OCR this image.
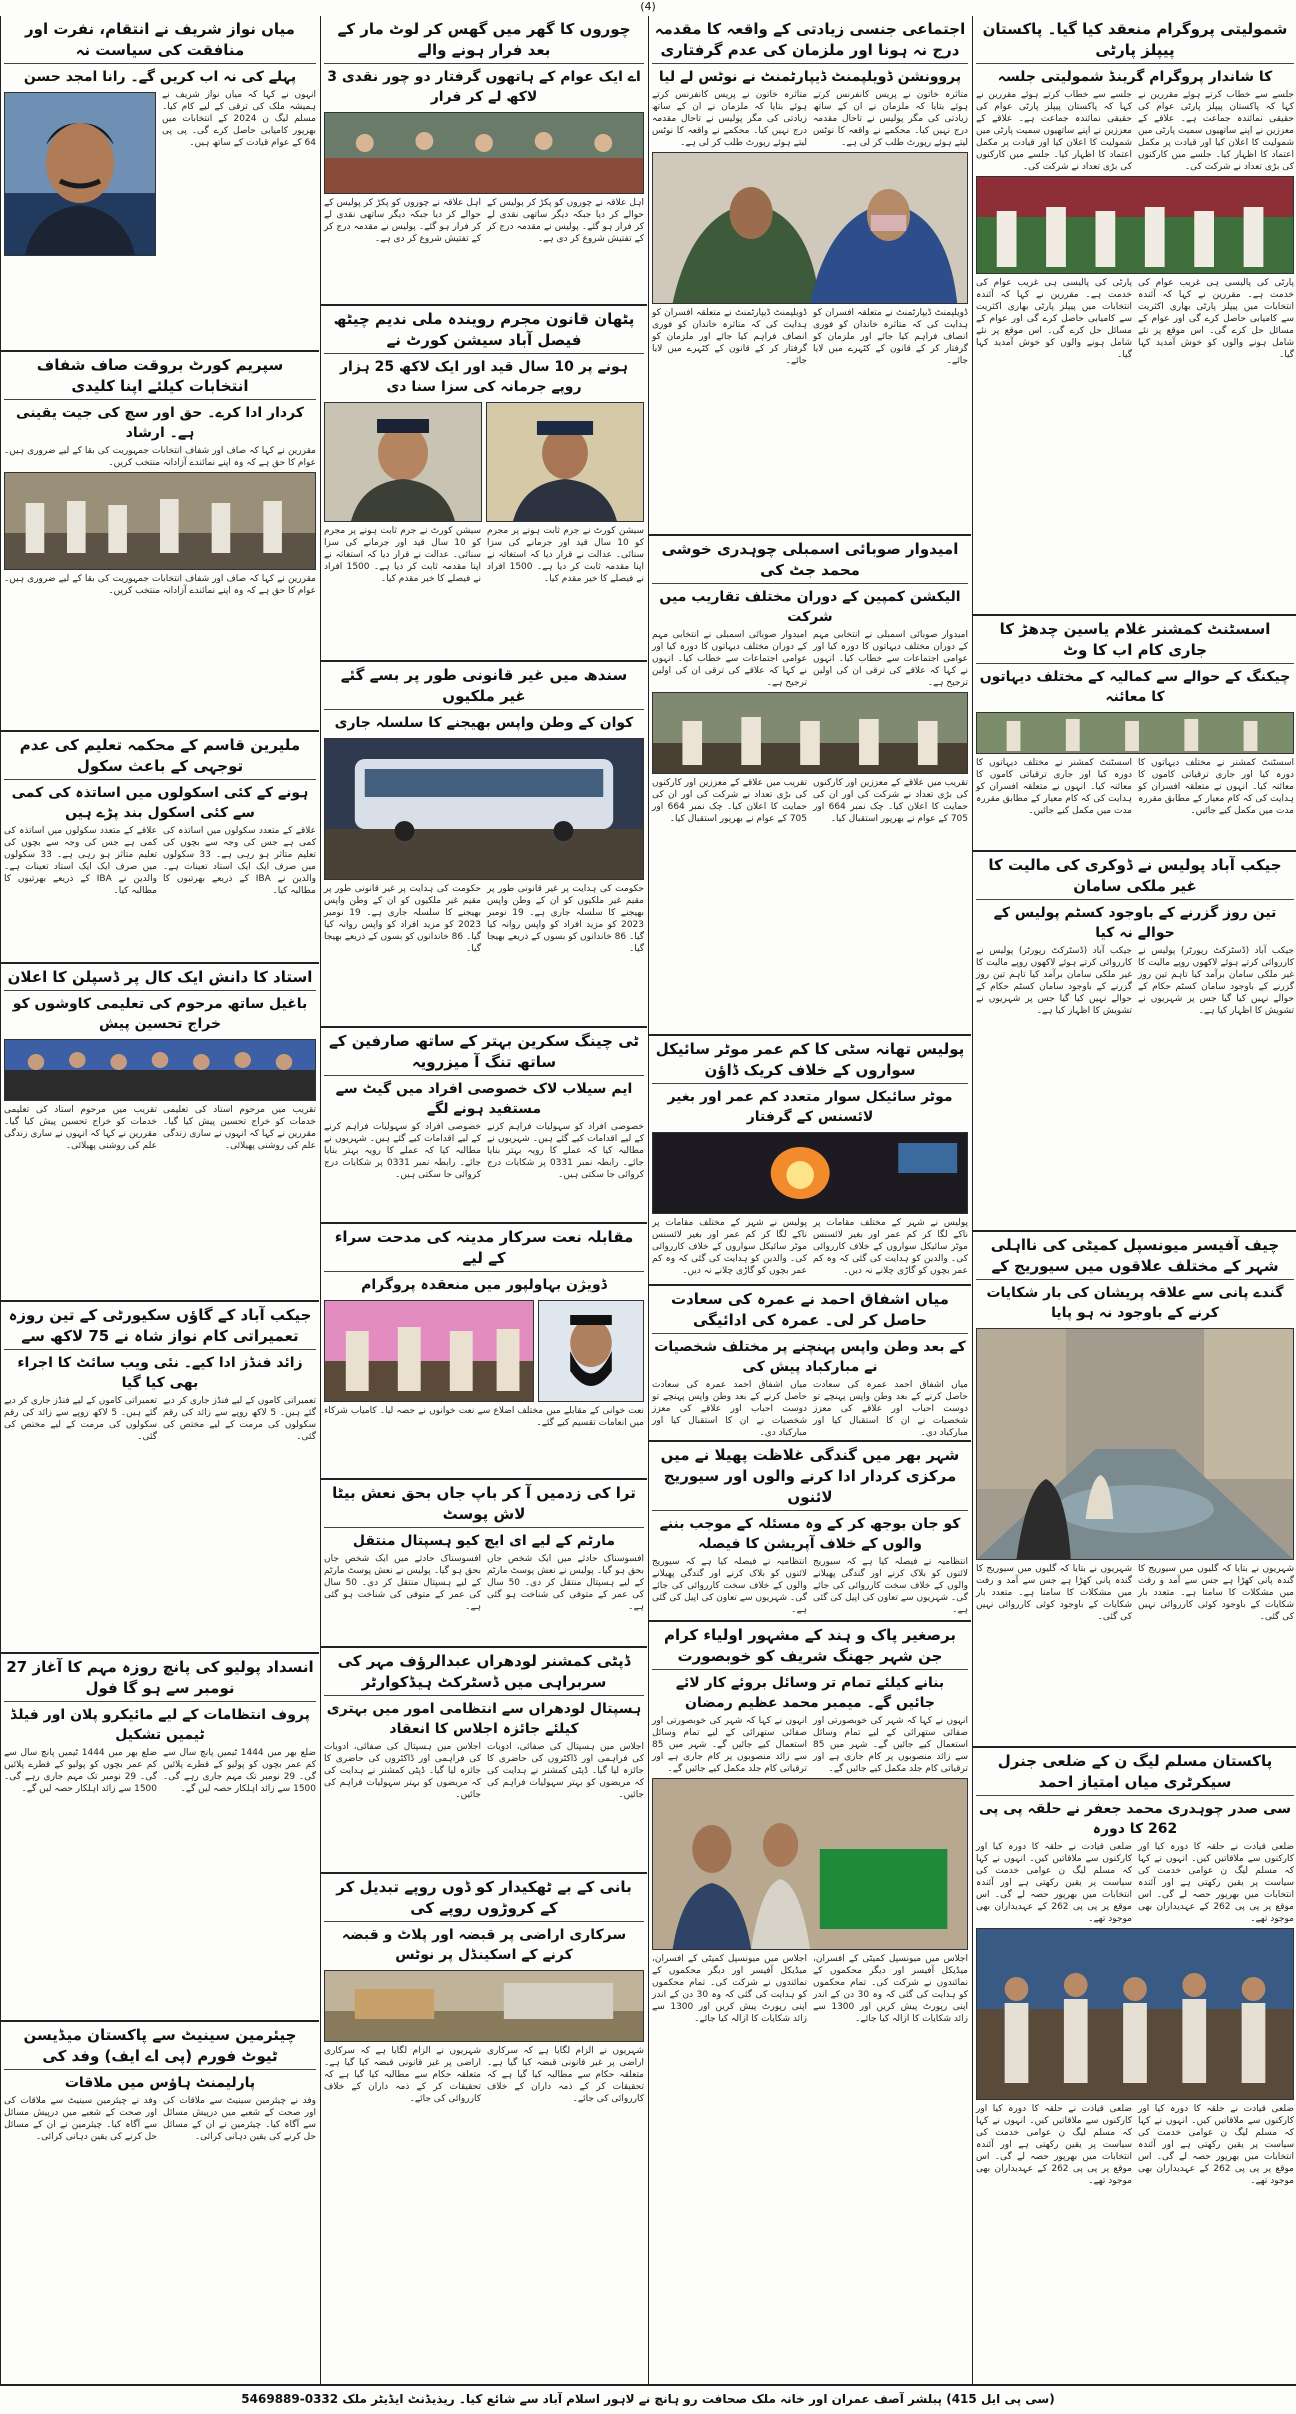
(4)
میاں نواز شریف نے انتقام، نفرت اور منافقت کی سیاست نہ
پہلے کی نہ اب کریں گے۔ رانا امجد حسن
انہوں نے کہا کہ میاں نواز شریف نے ہمیشہ ملک کی ترقی کے لیے کام کیا۔ مسلم لیگ ن 2024 کے انتخابات میں بھرپور کامیابی حاصل کرے گی۔ پی پی 64 کے عوام قیادت کے ساتھ ہیں۔
سپریم کورٹ بروقت صاف شفاف انتخابات کیلئے اپنا کلیدی
کردار ادا کرے۔ حق اور سچ کی جیت یقینی ہے۔ ارشاد
مقررین نے کہا کہ صاف اور شفاف انتخابات جمہوریت کی بقا کے لیے ضروری ہیں۔ عوام کا حق ہے کہ وہ اپنے نمائندے آزادانہ منتخب کریں۔
مقررین نے کہا کہ صاف اور شفاف انتخابات جمہوریت کی بقا کے لیے ضروری ہیں۔ عوام کا حق ہے کہ وہ اپنے نمائندے آزادانہ منتخب کریں۔
ملیرین قاسم کے محکمہ تعلیم کی عدم توجہی کے باعث سکول
ہونے کے کئی اسکولوں میں اساتذہ کی کمی سے کئی اسکول بند پڑے ہیں
علاقے کے متعدد سکولوں میں اساتذہ کی کمی ہے جس کی وجہ سے بچوں کی تعلیم متاثر ہو رہی ہے۔ 33 سکولوں میں صرف ایک ایک استاد تعینات ہے۔ والدین نے IBA کے ذریعے بھرتیوں کا مطالبہ کیا۔
علاقے کے متعدد سکولوں میں اساتذہ کی کمی ہے جس کی وجہ سے بچوں کی تعلیم متاثر ہو رہی ہے۔ 33 سکولوں میں صرف ایک ایک استاد تعینات ہے۔ والدین نے IBA کے ذریعے بھرتیوں کا مطالبہ کیا۔
استاد کا دانش ایک کال پر ڈسپلن کا اعلان
باغیل ساتھ مرحوم کی تعلیمی کاوشوں کو خراج تحسین پیش
تقریب میں مرحوم استاد کی تعلیمی خدمات کو خراج تحسین پیش کیا گیا۔ مقررین نے کہا کہ انہوں نے ساری زندگی علم کی روشنی پھیلائی۔
تقریب میں مرحوم استاد کی تعلیمی خدمات کو خراج تحسین پیش کیا گیا۔ مقررین نے کہا کہ انہوں نے ساری زندگی علم کی روشنی پھیلائی۔
جیکب آباد کے گاؤں سکیورٹی کے تین روزہ تعمیراتی کام نواز شاہ نے 75 لاکھ سے
زائد فنڈز ادا کیے۔ نئی ویب سائٹ کا اجراء بھی کیا گیا
تعمیراتی کاموں کے لیے فنڈز جاری کر دیے گئے ہیں۔ 5 لاکھ روپے سے زائد کی رقم سکولوں کی مرمت کے لیے مختص کی گئی۔
تعمیراتی کاموں کے لیے فنڈز جاری کر دیے گئے ہیں۔ 5 لاکھ روپے سے زائد کی رقم سکولوں کی مرمت کے لیے مختص کی گئی۔
انسداد پولیو کی پانچ روزہ مہم کا آغاز 27 نومبر سے ہو گا فول
پروف انتظامات کے لیے مائیکرو پلان اور فیلڈ ٹیمیں تشکیل
ضلع بھر میں 1444 ٹیمیں پانچ سال سے کم عمر بچوں کو پولیو کے قطرے پلائیں گی۔ 29 نومبر تک مہم جاری رہے گی۔ 1500 سے زائد اہلکار حصہ لیں گے۔
ضلع بھر میں 1444 ٹیمیں پانچ سال سے کم عمر بچوں کو پولیو کے قطرے پلائیں گی۔ 29 نومبر تک مہم جاری رہے گی۔ 1500 سے زائد اہلکار حصہ لیں گے۔
چیئرمین سینیٹ سے پاکستان میڈیسن ٹیوٹ فورم (پی اے ایف) وفد کی
پارلیمنٹ ہاؤس میں ملاقات
وفد نے چیئرمین سینیٹ سے ملاقات کی اور صحت کے شعبے میں درپیش مسائل سے آگاہ کیا۔ چیئرمین نے ان کے مسائل حل کرنے کی یقین دہانی کرائی۔
وفد نے چیئرمین سینیٹ سے ملاقات کی اور صحت کے شعبے میں درپیش مسائل سے آگاہ کیا۔ چیئرمین نے ان کے مسائل حل کرنے کی یقین دہانی کرائی۔
چوروں کا گھر میں گھس کر لوٹ مار کے بعد فرار ہونے والے
اے ایک عوام کے ہاتھوں گرفتار دو چور نقدی 3 لاکھ لے کر فرار
اہل علاقہ نے چوروں کو پکڑ کر پولیس کے حوالے کر دیا جبکہ دیگر ساتھی نقدی لے کر فرار ہو گئے۔ پولیس نے مقدمہ درج کر کے تفتیش شروع کر دی ہے۔
اہل علاقہ نے چوروں کو پکڑ کر پولیس کے حوالے کر دیا جبکہ دیگر ساتھی نقدی لے کر فرار ہو گئے۔ پولیس نے مقدمہ درج کر کے تفتیش شروع کر دی ہے۔
پٹھان قانون مجرم رویندہ ملی ندیم چیٹھ فیصل آباد سیشن کورٹ نے
ہونے پر 10 سال قید اور ایک لاکھ 25 ہزار روپے جرمانہ کی سزا سنا دی
سیشن کورٹ نے جرم ثابت ہونے پر مجرم کو 10 سال قید اور جرمانے کی سزا سنائی۔ عدالت نے قرار دیا کہ استغاثہ نے اپنا مقدمہ ثابت کر دیا ہے۔ 1500 افراد نے فیصلے کا خیر مقدم کیا۔
سیشن کورٹ نے جرم ثابت ہونے پر مجرم کو 10 سال قید اور جرمانے کی سزا سنائی۔ عدالت نے قرار دیا کہ استغاثہ نے اپنا مقدمہ ثابت کر دیا ہے۔ 1500 افراد نے فیصلے کا خیر مقدم کیا۔
سندھ میں غیر قانونی طور پر بسے گئے غیر ملکیوں
کوان کے وطن واپس بھیجنے کا سلسلہ جاری
حکومت کی ہدایت پر غیر قانونی طور پر مقیم غیر ملکیوں کو ان کے وطن واپس بھیجنے کا سلسلہ جاری ہے۔ 19 نومبر 2023 کو مزید افراد کو واپس روانہ کیا گیا۔ 86 خاندانوں کو بسوں کے ذریعے بھیجا گیا۔
حکومت کی ہدایت پر غیر قانونی طور پر مقیم غیر ملکیوں کو ان کے وطن واپس بھیجنے کا سلسلہ جاری ہے۔ 19 نومبر 2023 کو مزید افراد کو واپس روانہ کیا گیا۔ 86 خاندانوں کو بسوں کے ذریعے بھیجا گیا۔
ٹی چینگ سکرین بہتر کے ساتھ صارفین کے ساتھ تنگ آ میزرویہ
ایم سیلاب لاک خصوصی افراد میں گیٹ سے مستفید ہونے لگے
خصوصی افراد کو سہولیات فراہم کرنے کے لیے اقدامات کیے گئے ہیں۔ شہریوں نے مطالبہ کیا کہ عملے کا رویہ بہتر بنایا جائے۔ رابطہ نمبر 0331 پر شکایات درج کروائی جا سکتی ہیں۔
خصوصی افراد کو سہولیات فراہم کرنے کے لیے اقدامات کیے گئے ہیں۔ شہریوں نے مطالبہ کیا کہ عملے کا رویہ بہتر بنایا جائے۔ رابطہ نمبر 0331 پر شکایات درج کروائی جا سکتی ہیں۔
مقابلہ نعت سرکار مدینہ کی مدحت سراء کے لیے
ڈویژن بہاولپور میں منعقدہ پروگرام
نعت خوانی کے مقابلے میں مختلف اضلاع سے نعت خوانوں نے حصہ لیا۔ کامیاب شرکاء میں انعامات تقسیم کیے گئے۔
ترا کی زدمیں آ کر باپ جاں بحق نعش بیٹا لاش پوسٹ
مارٹم کے لیے ای ایچ کیو ہسپتال منتقل
افسوسناک حادثے میں ایک شخص جاں بحق ہو گیا۔ پولیس نے نعش پوسٹ مارٹم کے لیے ہسپتال منتقل کر دی۔ 50 سال کی عمر کے متوفی کی شناخت ہو گئی ہے۔
افسوسناک حادثے میں ایک شخص جاں بحق ہو گیا۔ پولیس نے نعش پوسٹ مارٹم کے لیے ہسپتال منتقل کر دی۔ 50 سال کی عمر کے متوفی کی شناخت ہو گئی ہے۔
ڈپٹی کمشنر لودھراں عبدالرؤف مہر کی سربراہی میں ڈسٹرکٹ ہیڈکوارٹر
ہسپتال لودھراں سے انتظامی امور میں بہتری کیلئے جائزہ اجلاس کا انعقاد
اجلاس میں ہسپتال کی صفائی، ادویات کی فراہمی اور ڈاکٹروں کی حاضری کا جائزہ لیا گیا۔ ڈپٹی کمشنر نے ہدایت کی کہ مریضوں کو بہتر سہولیات فراہم کی جائیں۔
اجلاس میں ہسپتال کی صفائی، ادویات کی فراہمی اور ڈاکٹروں کی حاضری کا جائزہ لیا گیا۔ ڈپٹی کمشنر نے ہدایت کی کہ مریضوں کو بہتر سہولیات فراہم کی جائیں۔
بانی کے بے ٹھکیدار کو ڈوں روپے تبدیل کر کے کروڑوں روپے کی
سرکاری اراضی پر قبضہ اور پلاٹ و قبضہ کرنے کے اسکینڈل پر نوٹس
شہریوں نے الزام لگایا ہے کہ سرکاری اراضی پر غیر قانونی قبضہ کیا گیا ہے۔ متعلقہ حکام سے مطالبہ کیا گیا ہے کہ تحقیقات کر کے ذمہ داران کے خلاف کارروائی کی جائے۔
شہریوں نے الزام لگایا ہے کہ سرکاری اراضی پر غیر قانونی قبضہ کیا گیا ہے۔ متعلقہ حکام سے مطالبہ کیا گیا ہے کہ تحقیقات کر کے ذمہ داران کے خلاف کارروائی کی جائے۔
اجتماعی جنسی زیادتی کے واقعہ کا مقدمہ درج نہ ہونا اور ملزمان کی عدم گرفتاری
پروونشن ڈویلپمنٹ ڈیپارٹمنٹ نے نوٹس لے لیا
متاثرہ خاتون نے پریس کانفرنس کرتے ہوئے بتایا کہ ملزمان نے ان کے ساتھ زیادتی کی مگر پولیس نے تاحال مقدمہ درج نہیں کیا۔ محکمے نے واقعہ کا نوٹس لیتے ہوئے رپورٹ طلب کر لی ہے۔
متاثرہ خاتون نے پریس کانفرنس کرتے ہوئے بتایا کہ ملزمان نے ان کے ساتھ زیادتی کی مگر پولیس نے تاحال مقدمہ درج نہیں کیا۔ محکمے نے واقعہ کا نوٹس لیتے ہوئے رپورٹ طلب کر لی ہے۔
ڈویلپمنٹ ڈیپارٹمنٹ نے متعلقہ افسران کو ہدایت کی کہ متاثرہ خاندان کو فوری انصاف فراہم کیا جائے اور ملزمان کو گرفتار کر کے قانون کے کٹہرے میں لایا جائے۔
ڈویلپمنٹ ڈیپارٹمنٹ نے متعلقہ افسران کو ہدایت کی کہ متاثرہ خاندان کو فوری انصاف فراہم کیا جائے اور ملزمان کو گرفتار کر کے قانون کے کٹہرے میں لایا جائے۔
امیدوار صوبائی اسمبلی چوہدری خوشی محمد جٹ کی
الیکشن کمپین کے دوران مختلف تقاریب میں شرکت
امیدوار صوبائی اسمبلی نے انتخابی مہم کے دوران مختلف دیہاتوں کا دورہ کیا اور عوامی اجتماعات سے خطاب کیا۔ انہوں نے کہا کہ علاقے کی ترقی ان کی اولین ترجیح ہے۔
امیدوار صوبائی اسمبلی نے انتخابی مہم کے دوران مختلف دیہاتوں کا دورہ کیا اور عوامی اجتماعات سے خطاب کیا۔ انہوں نے کہا کہ علاقے کی ترقی ان کی اولین ترجیح ہے۔
تقریب میں علاقے کے معززین اور کارکنوں کی بڑی تعداد نے شرکت کی اور ان کی حمایت کا اعلان کیا۔ چک نمبر 664 اور 705 کے عوام نے بھرپور استقبال کیا۔
تقریب میں علاقے کے معززین اور کارکنوں کی بڑی تعداد نے شرکت کی اور ان کی حمایت کا اعلان کیا۔ چک نمبر 664 اور 705 کے عوام نے بھرپور استقبال کیا۔
پولیس تھانہ سٹی کا کم عمر موٹر سائیکل سواروں کے خلاف کریک ڈاؤن
موٹر سائیکل سوار متعدد کم عمر اور بغیر لائسنس کے گرفتار
پولیس نے شہر کے مختلف مقامات پر ناکے لگا کر کم عمر اور بغیر لائسنس موٹر سائیکل سواروں کے خلاف کارروائی کی۔ والدین کو ہدایت کی گئی کہ وہ کم عمر بچوں کو گاڑی چلانے نہ دیں۔
پولیس نے شہر کے مختلف مقامات پر ناکے لگا کر کم عمر اور بغیر لائسنس موٹر سائیکل سواروں کے خلاف کارروائی کی۔ والدین کو ہدایت کی گئی کہ وہ کم عمر بچوں کو گاڑی چلانے نہ دیں۔
میاں اشفاق احمد نے عمرہ کی سعادت حاصل کر لی۔ عمرہ کی ادائیگی
کے بعد وطن واپس پہنچنے پر مختلف شخصیات نے مبارکباد پیش کی
میاں اشفاق احمد عمرہ کی سعادت حاصل کرنے کے بعد وطن واپس پہنچے تو دوست احباب اور علاقے کی معزز شخصیات نے ان کا استقبال کیا اور مبارکباد دی۔
میاں اشفاق احمد عمرہ کی سعادت حاصل کرنے کے بعد وطن واپس پہنچے تو دوست احباب اور علاقے کی معزز شخصیات نے ان کا استقبال کیا اور مبارکباد دی۔
شہر بھر میں گندگی غلاظت پھیلا نے میں مرکزی کردار ادا کرنے والوں اور سیوریج لائنوں
کو جان بوجھ کر کے وہ مسئلہ کے موجب بننے والوں کے خلاف آپریشن کا فیصلہ
انتظامیہ نے فیصلہ کیا ہے کہ سیوریج لائنوں کو بلاک کرنے اور گندگی پھیلانے والوں کے خلاف سخت کارروائی کی جائے گی۔ شہریوں سے تعاون کی اپیل کی گئی ہے۔
انتظامیہ نے فیصلہ کیا ہے کہ سیوریج لائنوں کو بلاک کرنے اور گندگی پھیلانے والوں کے خلاف سخت کارروائی کی جائے گی۔ شہریوں سے تعاون کی اپیل کی گئی ہے۔
برصغیر پاک و ہند کے مشہور اولیاء کرام جن شہر جھنگ شریف کو خوبصورت
بنانے کیلئے تمام تر وسائل بروئے کار لائے جائیں گے۔ میمبر محمد عظیم رمضان
انہوں نے کہا کہ شہر کی خوبصورتی اور صفائی ستھرائی کے لیے تمام وسائل استعمال کیے جائیں گے۔ شہر میں 85 سے زائد منصوبوں پر کام جاری ہے اور ترقیاتی کام جلد مکمل کیے جائیں گے۔
انہوں نے کہا کہ شہر کی خوبصورتی اور صفائی ستھرائی کے لیے تمام وسائل استعمال کیے جائیں گے۔ شہر میں 85 سے زائد منصوبوں پر کام جاری ہے اور ترقیاتی کام جلد مکمل کیے جائیں گے۔
اجلاس میں میونسپل کمیٹی کے افسران، میڈیکل آفیسر اور دیگر محکموں کے نمائندوں نے شرکت کی۔ تمام محکموں کو ہدایت کی گئی کہ وہ 30 دن کے اندر اپنی رپورٹ پیش کریں اور 1300 سے زائد شکایات کا ازالہ کیا جائے۔
اجلاس میں میونسپل کمیٹی کے افسران، میڈیکل آفیسر اور دیگر محکموں کے نمائندوں نے شرکت کی۔ تمام محکموں کو ہدایت کی گئی کہ وہ 30 دن کے اندر اپنی رپورٹ پیش کریں اور 1300 سے زائد شکایات کا ازالہ کیا جائے۔
شمولیتی پروگرام منعقد کیا گیا۔ پاکستان پیپلز پارٹی
کا شاندار پروگرام گرینڈ شمولیتی جلسہ
جلسے سے خطاب کرتے ہوئے مقررین نے کہا کہ پاکستان پیپلز پارٹی عوام کی حقیقی نمائندہ جماعت ہے۔ علاقے کے معززین نے اپنے ساتھیوں سمیت پارٹی میں شمولیت کا اعلان کیا اور قیادت پر مکمل اعتماد کا اظہار کیا۔ جلسے میں کارکنوں کی بڑی تعداد نے شرکت کی۔
جلسے سے خطاب کرتے ہوئے مقررین نے کہا کہ پاکستان پیپلز پارٹی عوام کی حقیقی نمائندہ جماعت ہے۔ علاقے کے معززین نے اپنے ساتھیوں سمیت پارٹی میں شمولیت کا اعلان کیا اور قیادت پر مکمل اعتماد کا اظہار کیا۔ جلسے میں کارکنوں کی بڑی تعداد نے شرکت کی۔
پارٹی کی پالیسی ہی غریب عوام کی خدمت ہے۔ مقررین نے کہا کہ آئندہ انتخابات میں پیپلز پارٹی بھاری اکثریت سے کامیابی حاصل کرے گی اور عوام کے مسائل حل کرے گی۔ اس موقع پر نئے شامل ہونے والوں کو خوش آمدید کہا گیا۔
پارٹی کی پالیسی ہی غریب عوام کی خدمت ہے۔ مقررین نے کہا کہ آئندہ انتخابات میں پیپلز پارٹی بھاری اکثریت سے کامیابی حاصل کرے گی اور عوام کے مسائل حل کرے گی۔ اس موقع پر نئے شامل ہونے والوں کو خوش آمدید کہا گیا۔
اسسٹنٹ کمشنر غلام یاسین چدھڑ کا جاری کام اب کا وٹ
چیکنگ کے حوالے سے کمالیہ کے مختلف دیہاتوں کا معائنہ
اسسٹنٹ کمشنر نے مختلف دیہاتوں کا دورہ کیا اور جاری ترقیاتی کاموں کا معائنہ کیا۔ انہوں نے متعلقہ افسران کو ہدایت کی کہ کام معیار کے مطابق مقررہ مدت میں مکمل کیے جائیں۔
اسسٹنٹ کمشنر نے مختلف دیہاتوں کا دورہ کیا اور جاری ترقیاتی کاموں کا معائنہ کیا۔ انہوں نے متعلقہ افسران کو ہدایت کی کہ کام معیار کے مطابق مقررہ مدت میں مکمل کیے جائیں۔
جیکب آباد پولیس نے ڈوکری کی مالیت کا غیر ملکی سامان
تین روز گزرنے کے باوجود کسٹم پولیس کے حوالے نہ کیا
جیکب آباد (ڈسٹرکٹ رپورٹر) پولیس نے کارروائی کرتے ہوئے لاکھوں روپے مالیت کا غیر ملکی سامان برآمد کیا تاہم تین روز گزرنے کے باوجود سامان کسٹم حکام کے حوالے نہیں کیا گیا جس پر شہریوں نے تشویش کا اظہار کیا ہے۔
جیکب آباد (ڈسٹرکٹ رپورٹر) پولیس نے کارروائی کرتے ہوئے لاکھوں روپے مالیت کا غیر ملکی سامان برآمد کیا تاہم تین روز گزرنے کے باوجود سامان کسٹم حکام کے حوالے نہیں کیا گیا جس پر شہریوں نے تشویش کا اظہار کیا ہے۔
چیف آفیسر میونسپل کمیٹی کی نااہلی شہر کے مختلف علاقوں میں سیوریج کے
گندے پانی سے علاقہ پریشان کی بار شکایات کرنے کے باوجود نہ ہو پایا
شہریوں نے بتایا کہ گلیوں میں سیوریج کا گندہ پانی کھڑا ہے جس سے آمد و رفت میں مشکلات کا سامنا ہے۔ متعدد بار شکایات کے باوجود کوئی کارروائی نہیں کی گئی۔
شہریوں نے بتایا کہ گلیوں میں سیوریج کا گندہ پانی کھڑا ہے جس سے آمد و رفت میں مشکلات کا سامنا ہے۔ متعدد بار شکایات کے باوجود کوئی کارروائی نہیں کی گئی۔
پاکستان مسلم لیگ ن کے ضلعی جنرل سیکرٹری میاں امتیاز احمد
سی صدر چوہدری محمد جعفر نے حلقہ پی پی 262 کا دورہ
ضلعی قیادت نے حلقہ کا دورہ کیا اور کارکنوں سے ملاقاتیں کیں۔ انہوں نے کہا کہ مسلم لیگ ن عوامی خدمت کی سیاست پر یقین رکھتی ہے اور آئندہ انتخابات میں بھرپور حصہ لے گی۔ اس موقع پر پی پی 262 کے عہدیداران بھی موجود تھے۔
ضلعی قیادت نے حلقہ کا دورہ کیا اور کارکنوں سے ملاقاتیں کیں۔ انہوں نے کہا کہ مسلم لیگ ن عوامی خدمت کی سیاست پر یقین رکھتی ہے اور آئندہ انتخابات میں بھرپور حصہ لے گی۔ اس موقع پر پی پی 262 کے عہدیداران بھی موجود تھے۔
ضلعی قیادت نے حلقہ کا دورہ کیا اور کارکنوں سے ملاقاتیں کیں۔ انہوں نے کہا کہ مسلم لیگ ن عوامی خدمت کی سیاست پر یقین رکھتی ہے اور آئندہ انتخابات میں بھرپور حصہ لے گی۔ اس موقع پر پی پی 262 کے عہدیداران بھی موجود تھے۔
ضلعی قیادت نے حلقہ کا دورہ کیا اور کارکنوں سے ملاقاتیں کیں۔ انہوں نے کہا کہ مسلم لیگ ن عوامی خدمت کی سیاست پر یقین رکھتی ہے اور آئندہ انتخابات میں بھرپور حصہ لے گی۔ اس موقع پر پی پی 262 کے عہدیداران بھی موجود تھے۔
(سی پی ایل 415) پبلشر آصف عمران اور خانہ ملک صحافت رو ہانچ نے لاہور اسلام آباد سے شائع کیا۔ ریذیڈنٹ ایڈیٹر ملک 0332-5469889
